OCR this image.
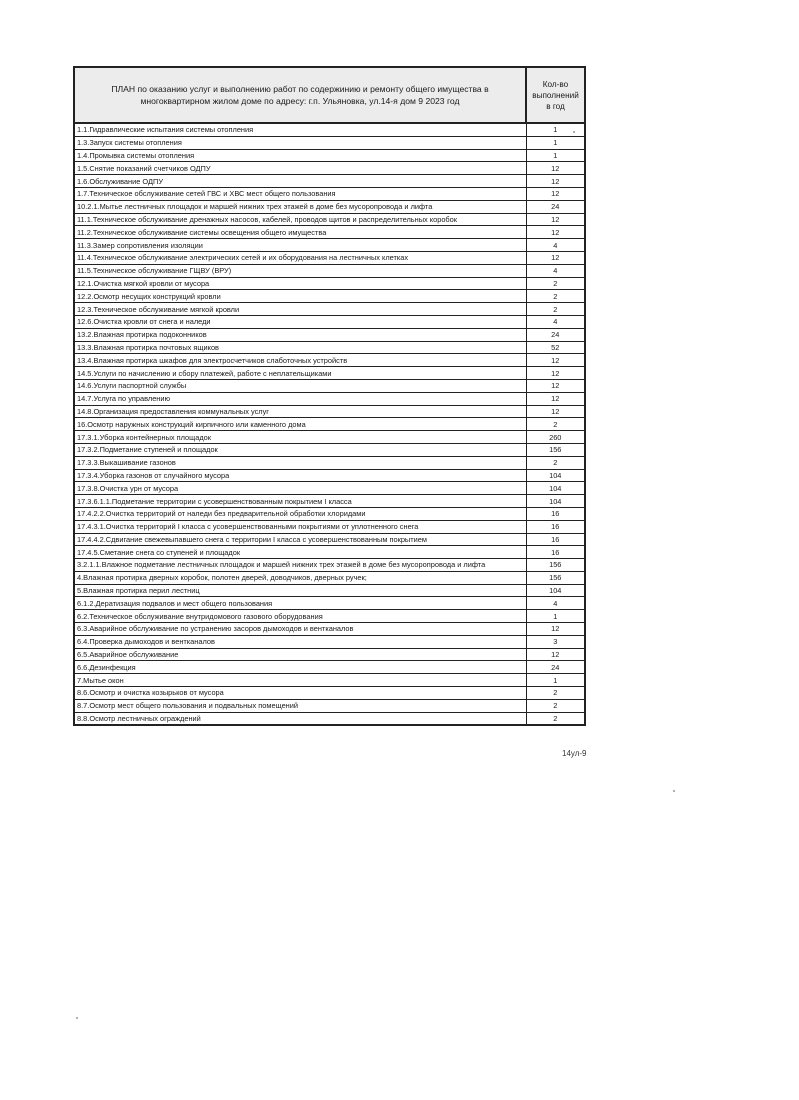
ПЛАН по оказанию услуг и выполнению работ по содержинию и ремонту общего имущества в многоквартирном жилом доме по адресу: г.п. Ульяновка, ул.14-я дом 9 2023 год	Кол-во выполнений в год
1.1.Гидравлические испытания системы отопления	1
1.3.Запуск системы отопления	1
1.4.Промывка системы отопления	1
1.5.Снятие показаний счетчиков ОДПУ	12
1.6.Обслуживание ОДПУ	12
1.7.Техническое обслуживание сетей ГВС и ХВС мест общего пользования	12
10.2.1.Мытье лестничных площадок и маршей нижних трех этажей в доме без мусоропровода и лифта	24
11.1.Техническое обслуживание дренажных насосов, кабелей, проводов щитов и распределительных коробок	12
11.2.Техническое обслуживание системы освещения общего имущества	12
11.3.Замер сопротивления изоляции	4
11.4.Техническое обслуживание электрических сетей и их оборудования на лестничных клетках	12
11.5.Техническое обслуживание ГЩВУ (ВРУ)	4
12.1.Очистка мягкой кровли от мусора	2
12.2.Осмотр несущих конструкций кровли	2
12.3.Техническое обслуживание мягкой кровли	2
12.6.Очистка кровли от снега и наледи	4
13.2.Влажная протирка подоконников	24
13.3.Влажная протирка почтовых ящиков	52
13.4.Влажная протирка шкафов для электросчетчиков слаботочных устройств	12
14.5.Услуги по начислению и сбору платежей, работе с неплательщиками	12
14.6.Услуги паспортной службы	12
14.7.Услуга по управлению	12
14.8.Организация предоставления коммунальных услуг	12
16.Осмотр наружных конструкций кирпичного или каменного дома	2
17.3.1.Уборка контейнерных площадок	260
17.3.2.Подметание ступеней и площадок	156
17.3.3.Выкашивание газонов	2
17.3.4.Уборка газонов от случайного мусора	104
17.3.8.Очистка урн от мусора	104
17.3.6.1.1.Подметание территории с усовершенствованным покрытием I класса	104
17.4.2.2.Очистка территорий от наледи без предварительной обработки хлоридами	16
17.4.3.1.Очистка территорий I класса с усовершенствованными покрытиями от уплотненного снега	16
17.4.4.2.Сдвигание свежевыпавшего снега с территории I класса с усовершенствованным покрытием	16
17.4.5.Сметание снега со ступеней и площадок	16
3.2.1.1.Влажное подметание лестничных площадок и маршей нижних трех этажей в доме без мусоропровода и лифта	156
4.Влажная протирка дверных коробок, полотен дверей, доводчиков, дверных ручек;	156
5.Влажная протирка перил лестниц	104
6.1.2.Дератизация подвалов и мест общего пользования	4
6.2.Техническое обслуживание внутридомового газового оборудования	1
6.3.Аварийное обслуживание по устранению засоров дымоходов и вентканалов	12
6.4.Проверка дымоходов и вентканалов	3
6.5.Аварийное обслуживание	12
6.6.Дезинфекция	24
7.Мытье окон	1
8.6.Осмотр и очистка козырьков от мусора	2
8.7.Осмотр мест общего пользования и подвальных помещений	2
8.8.Осмотр лестничных ограждений	2
14ул-9
